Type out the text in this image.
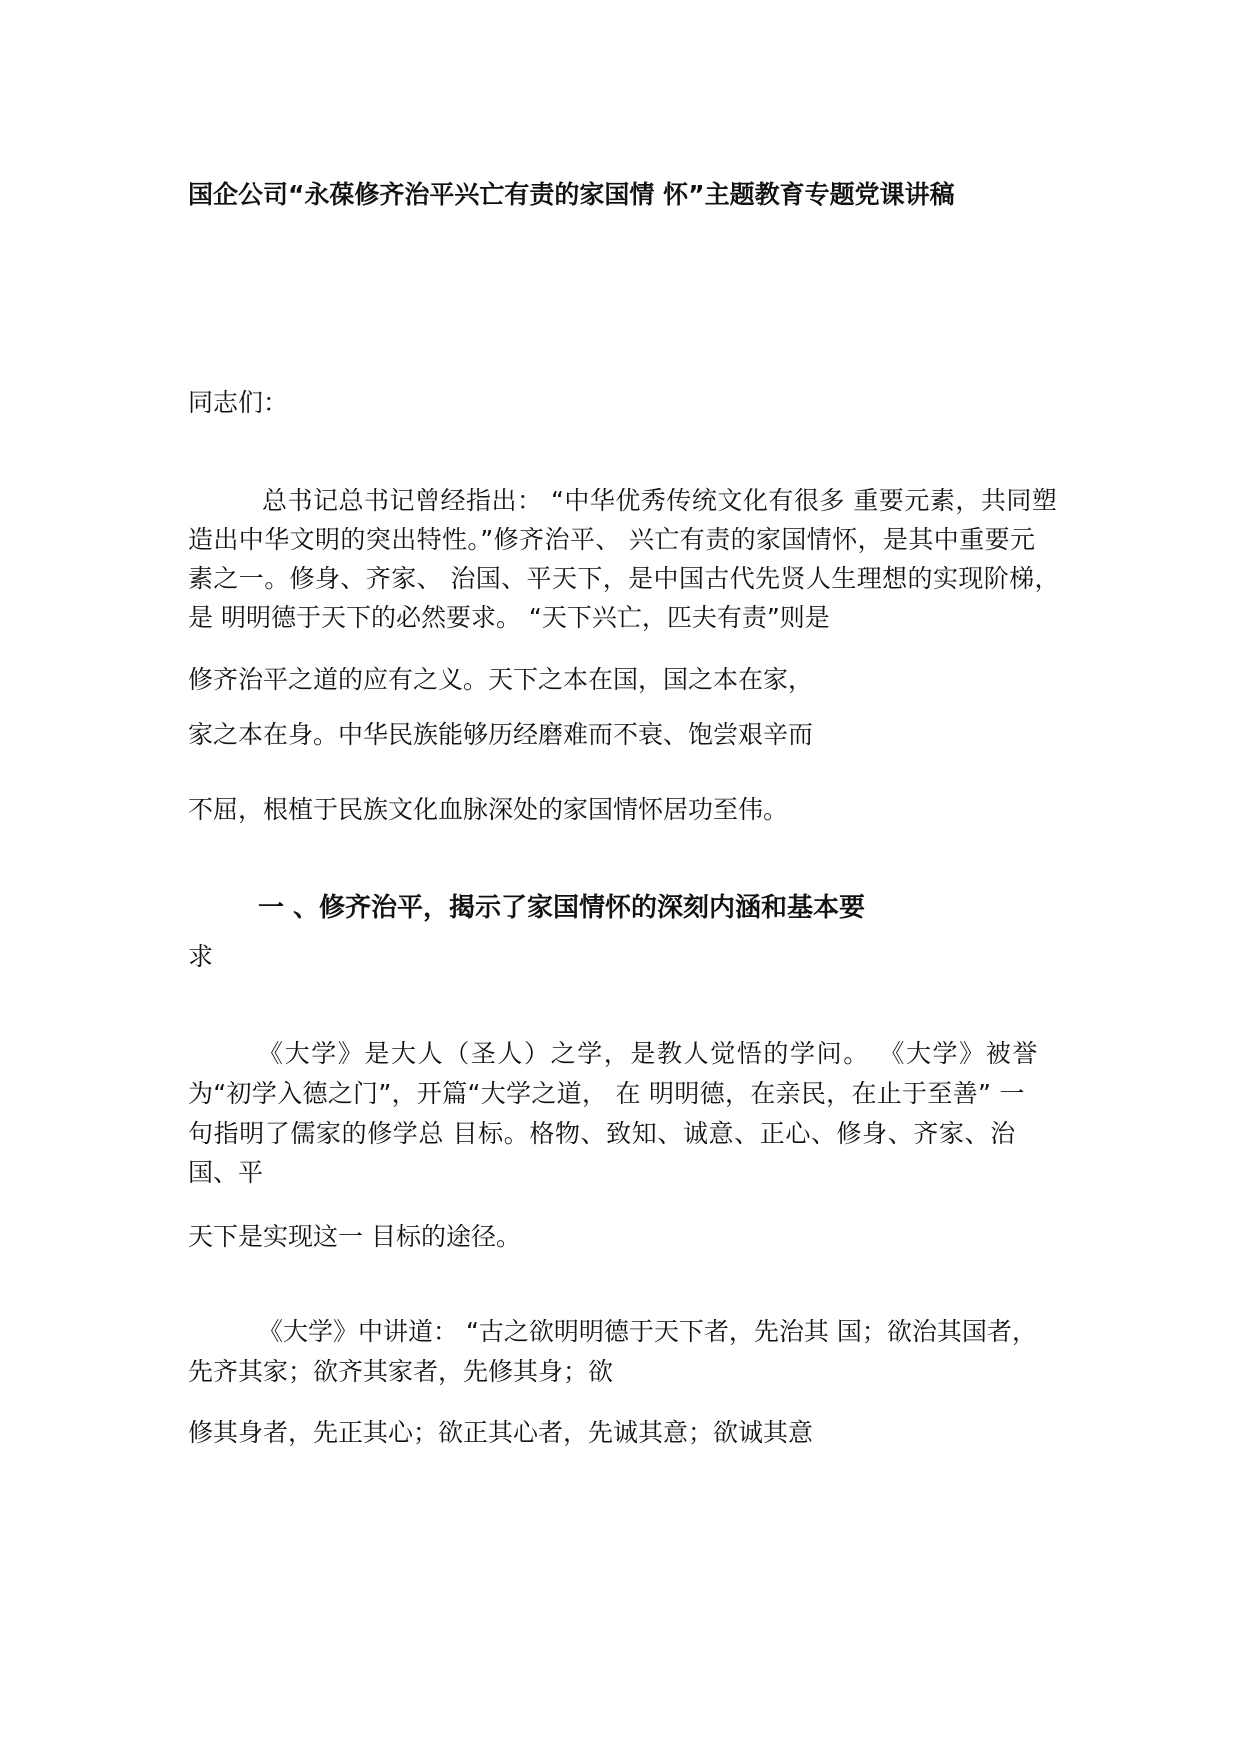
国企公司“永葆修齐治平兴亡有责的家国情 怀”主题教育专题党课讲稿
同志们：
总书记总书记曾经指出： “中华优秀传统文化有很多 重要元素，共同塑
造出中华文明的突出特性。”修齐治平、 兴亡有责的家国情怀，是其中重要元
素之一。修身、齐家、 治国、平天下，是中国古代先贤人生理想的实现阶梯，
是 明明德于天下的必然要求。 “天下兴亡，匹夫有责”则是
修齐治平之道的应有之义。天下之本在国，国之本在家，
家之本在身。中华民族能够历经磨难而不衰、饱尝艰辛而
不屈，根植于民族文化血脉深处的家国情怀居功至伟。
一 、修齐治平，揭示了家国情怀的深刻内涵和基本要
求
《大学》是大人（圣人）之学，是教人觉悟的学问。 《大学》被誉
为“初学入德之门”，开篇“大学之道， 在 明明德，在亲民，在止于至善” 一
句指明了儒家的修学总 目标。格物、致知、诚意、正心、修身、齐家、治
国、平
天下是实现这一 目标的途径。
《大学》中讲道： “古之欲明明德于天下者，先治其 国；欲治其国者，
先齐其家；欲齐其家者，先修其身；欲
修其身者，先正其心；欲正其心者，先诚其意；欲诚其意
